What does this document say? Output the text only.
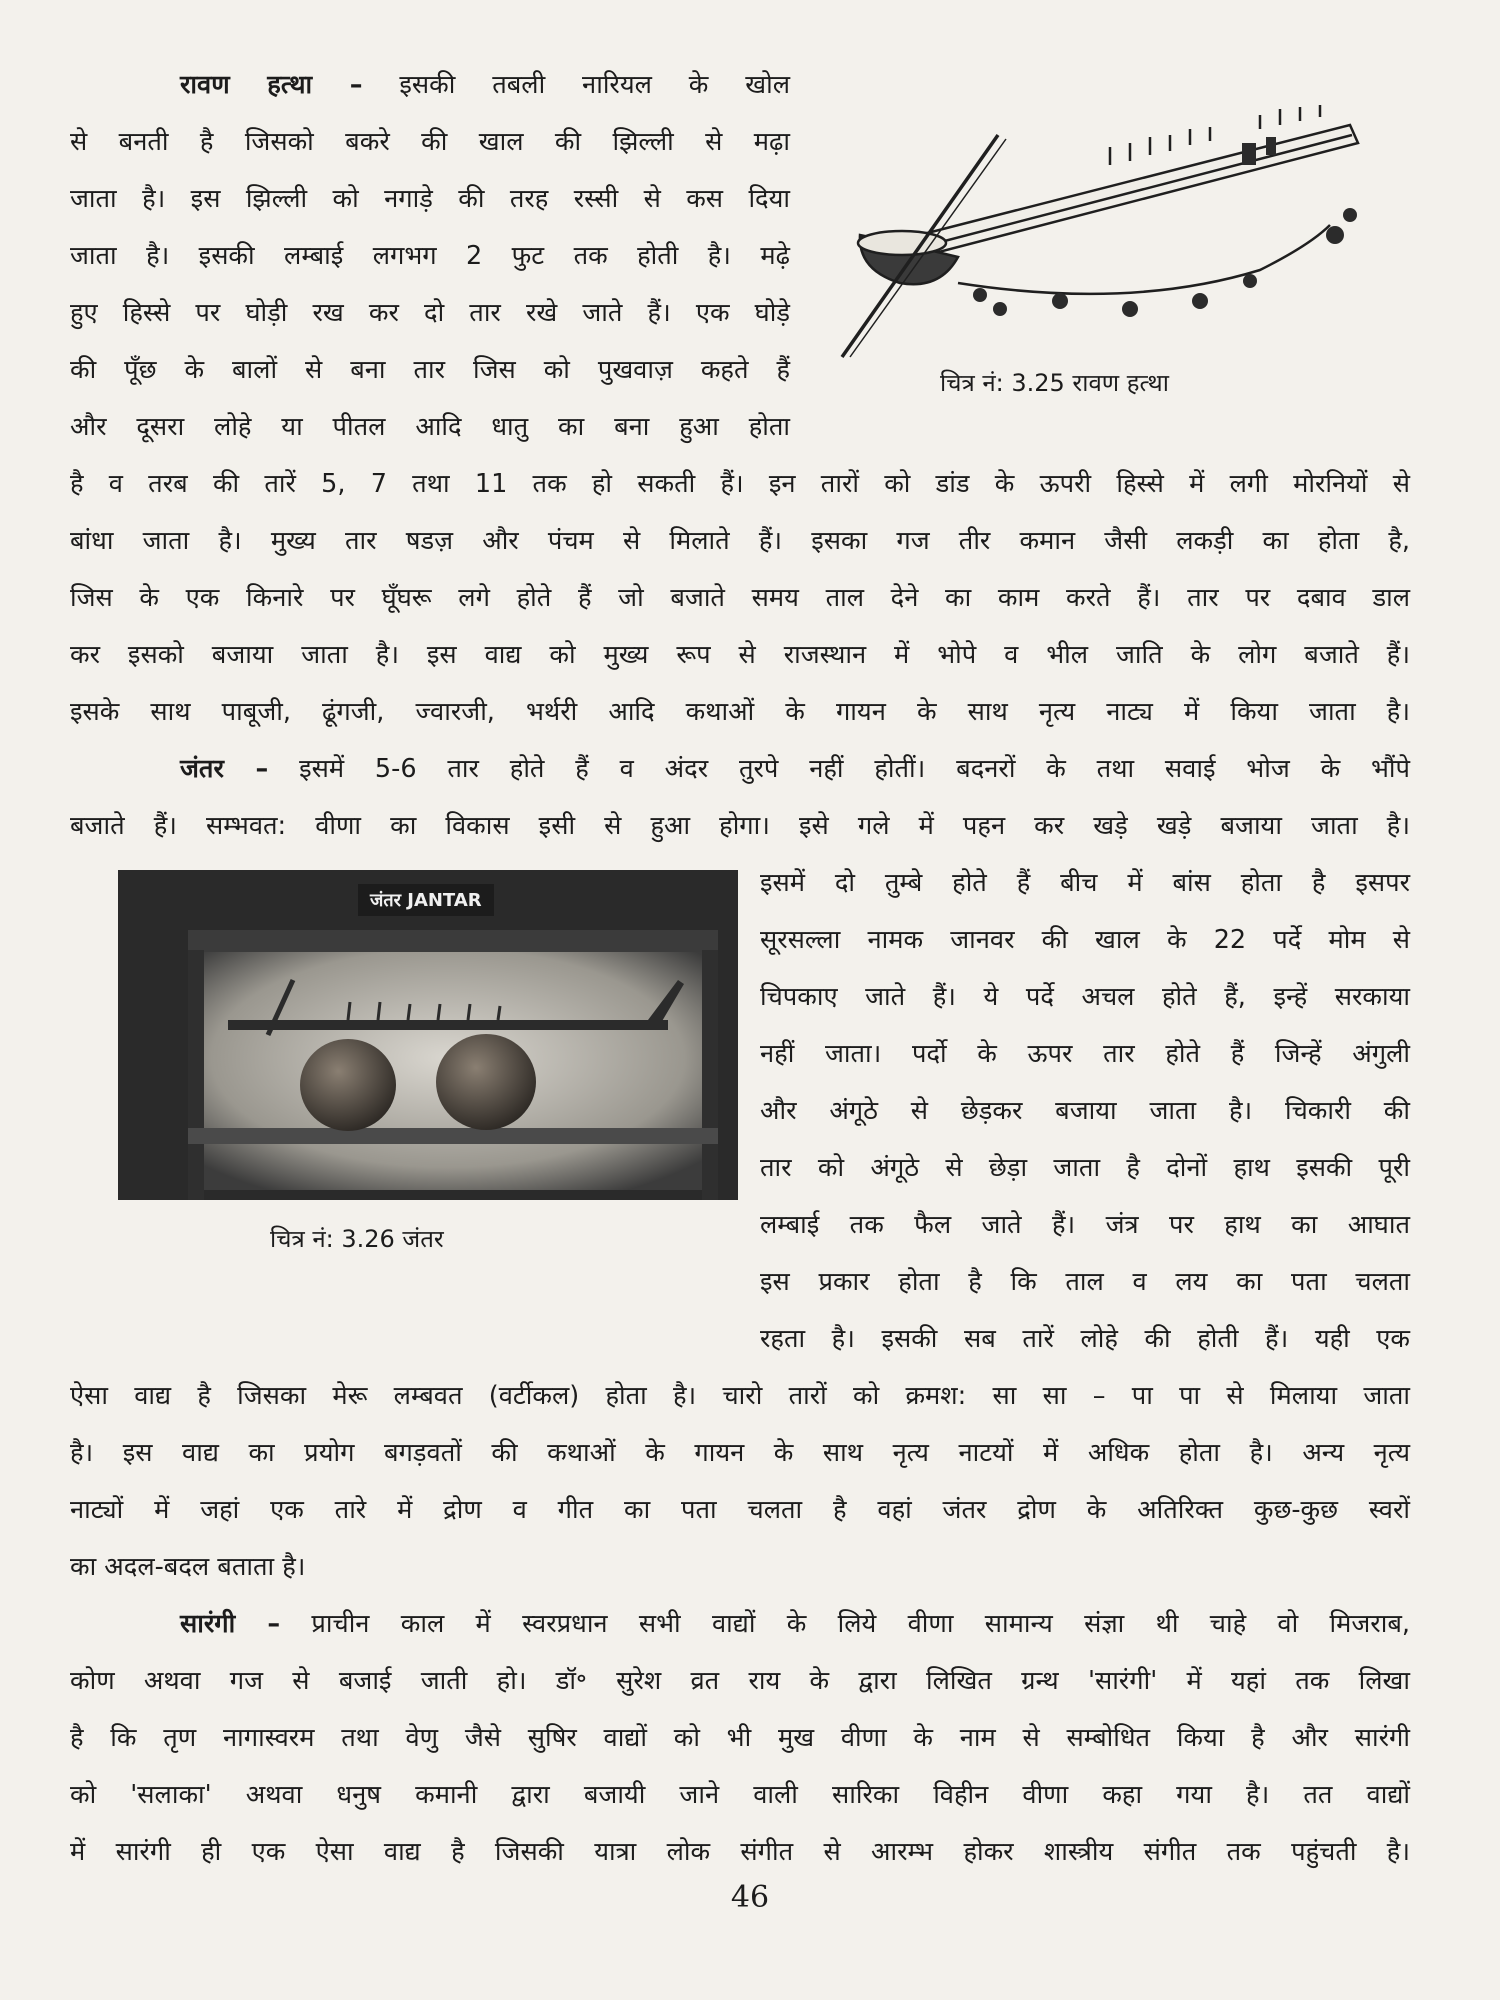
रावण हत्था – इसकी तबली नारियल के खोल

से बनती है जिसको बकरे की खाल की झिल्ली से मढ़ा

जाता है। इस झिल्ली को नगाड़े की तरह रस्सी से कस दिया

जाता है। इसकी लम्बाई लगभग 2 फुट तक होती है। मढ़े

हुए हिस्से पर घोड़ी रख कर दो तार रखे जाते हैं। एक घोड़े

की पूँछ के बालों से बना तार जिस को पुखवाज़ कहते हैं

और दूसरा लोहे या पीतल आदि धातु का बना हुआ होता

है व तरब की तारें 5, 7 तथा 11 तक हो सकती हैं। इन तारों को डांड के ऊपरी हिस्से में लगी मोरनियों से

बांधा जाता है। मुख्य तार षडज़ और पंचम से मिलाते हैं। इसका गज तीर कमान जैसी लकड़ी का होता है,

जिस के एक किनारे पर घूँघरू लगे होते हैं जो बजाते समय ताल देने का काम करते हैं। तार पर दबाव डाल

कर इसको बजाया जाता है। इस वाद्य को मुख्य रूप से राजस्थान में भोपे व भील जाति के लोग बजाते हैं।

इसके साथ पाबूजी, ढूंगजी, ज्वारजी, भर्थरी आदि कथाओं के गायन के साथ नृत्य नाट्य में किया जाता है।

चित्र नं: 3.25 रावण हत्था

जंतर – इसमें 5-6 तार होते हैं व अंदर तुरपे नहीं होतीं। बदनरों के तथा सवाई भोज के भौंपे

बजाते हैं। सम्भवत: वीणा का विकास इसी से हुआ होगा। इसे गले में पहन कर खड़े खड़े बजाया जाता है।

इसमें दो तुम्बे होते हैं बीच में बांस होता है इसपर

सूरसल्ला नामक जानवर की खाल के 22 पर्दे मोम से

चिपकाए जाते हैं। ये पर्दे अचल होते हैं, इन्हें सरकाया

नहीं जाता। पर्दो के ऊपर तार होते हैं जिन्हें अंगुली

और अंगूठे से छेड़कर बजाया जाता है। चिकारी की

तार को अंगूठे से छेड़ा जाता है दोनों हाथ इसकी पूरी

लम्बाई तक फैल जाते हैं। जंत्र पर हाथ का आघात

इस प्रकार होता है कि ताल व लय का पता चलता

रहता है। इसकी सब तारें लोहे की होती हैं। यही एक

ऐसा वाद्य है जिसका मेरू लम्बवत (वर्टीकल) होता है। चारो तारों को क्रमश: सा सा – पा पा से मिलाया जाता

है। इस वाद्य का प्रयोग बगड़वतों की कथाओं के गायन के साथ नृत्य नाटयों में अधिक होता है। अन्य नृत्य

नाट्यों में जहां एक तारे में द्रोण व गीत का पता चलता है वहां जंतर द्रोण के अतिरिक्त कुछ-कुछ स्वरों

का अदल-बदल बताता है।

जंतर JANTAR
चित्र नं: 3.26 जंतर

सारंगी – प्राचीन काल में स्वरप्रधान सभी वाद्यों के लिये वीणा सामान्य संज्ञा थी चाहे वो मिजराब,

कोण अथवा गज से बजाई जाती हो। डॉ॰ सुरेश व्रत राय के द्वारा लिखित ग्रन्थ 'सारंगी' में यहां तक लिखा

है कि तृण नागास्वरम तथा वेणु जैसे सुषिर वाद्यों को भी मुख वीणा के नाम से सम्बोधित किया है और सारंगी

को 'सलाका' अथवा धनुष कमानी द्वारा बजायी जाने वाली सारिका विहीन वीणा कहा गया है। तत वाद्यों

में सारंगी ही एक ऐसा वाद्य है जिसकी यात्रा लोक संगीत से आरम्भ होकर शास्त्रीय संगीत तक पहुंचती है।

46
